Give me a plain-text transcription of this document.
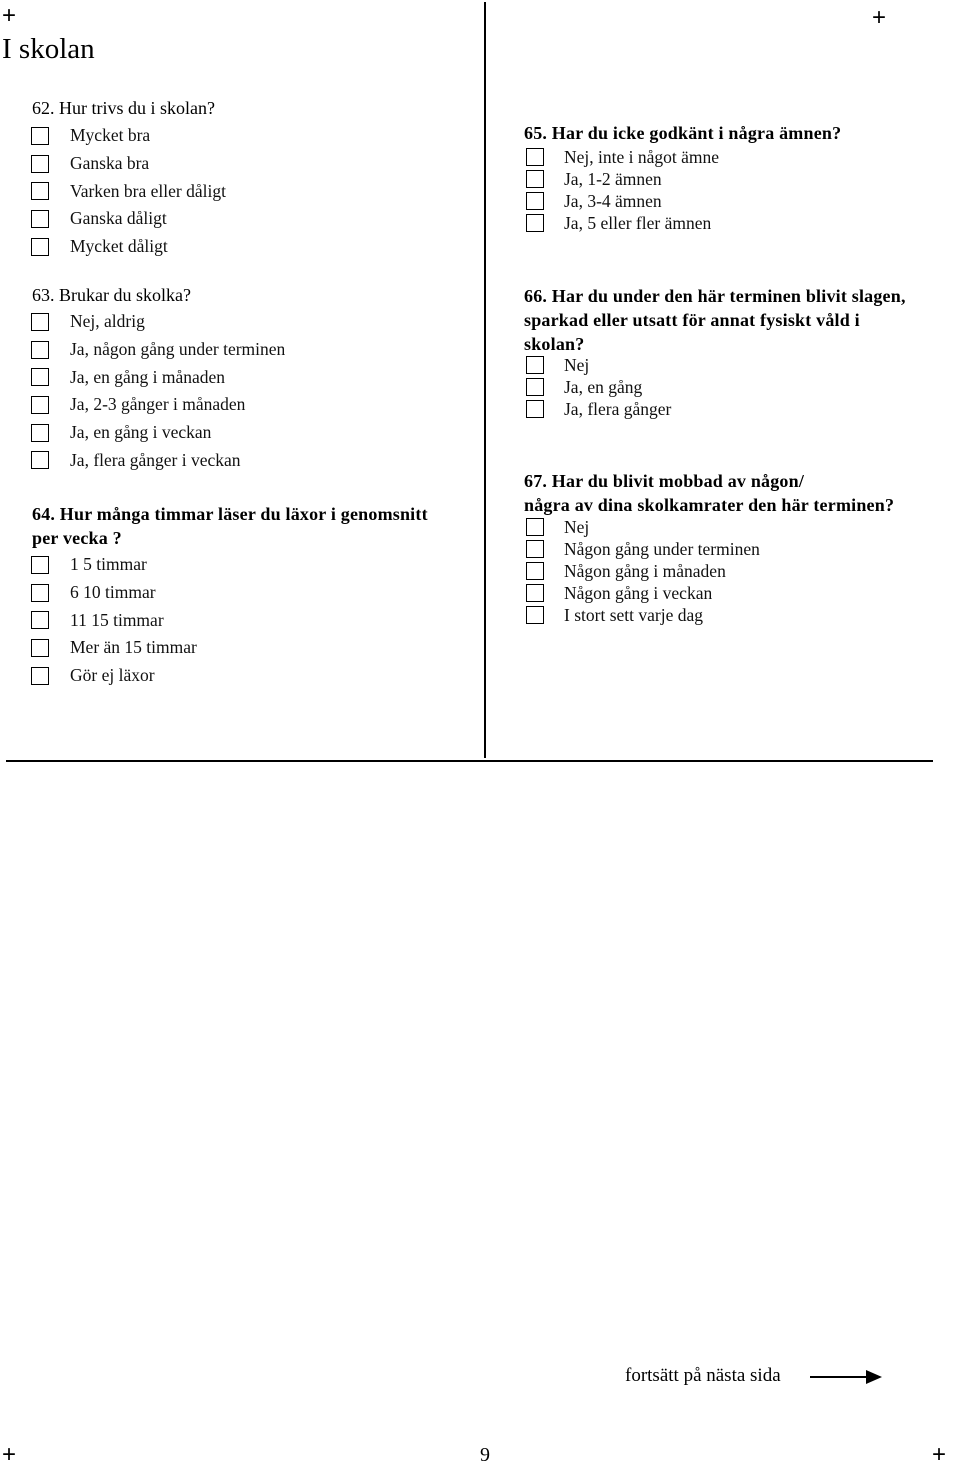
+	+
+	+
I skolan

62. Hur trivs du i skolan?

Mycket bra
Ganska bra
Varken bra eller dåligt
Ganska dåligt
Mycket dåligt

63. Brukar du skolka?

Nej, aldrig
Ja, någon gång under terminen
Ja, en gång i månaden
Ja, 2-3 gånger i månaden
Ja, en gång i veckan
Ja, flera gånger i veckan

64. Hur många timmar läser du läxor i genomsnitt

per vecka ?

1 5 timmar
6 10 timmar
11 15 timmar
Mer än 15 timmar
Gör ej läxor

65. Har du icke godkänt i några ämnen?

Nej, inte i något ämne
Ja, 1-2 ämnen
Ja, 3-4 ämnen
Ja, 5 eller fler ämnen

66. Har du under den här terminen blivit slagen,

sparkad eller utsatt för annat fysiskt våld i

skolan?

Nej
Ja, en gång
Ja, flera gånger

67. Har du blivit mobbad av någon/

några av dina skolkamrater den här terminen?

Nej
Någon gång under terminen
Någon gång i månaden
Någon gång i veckan
I stort sett varje dag
fortsätt på nästa sida
9
